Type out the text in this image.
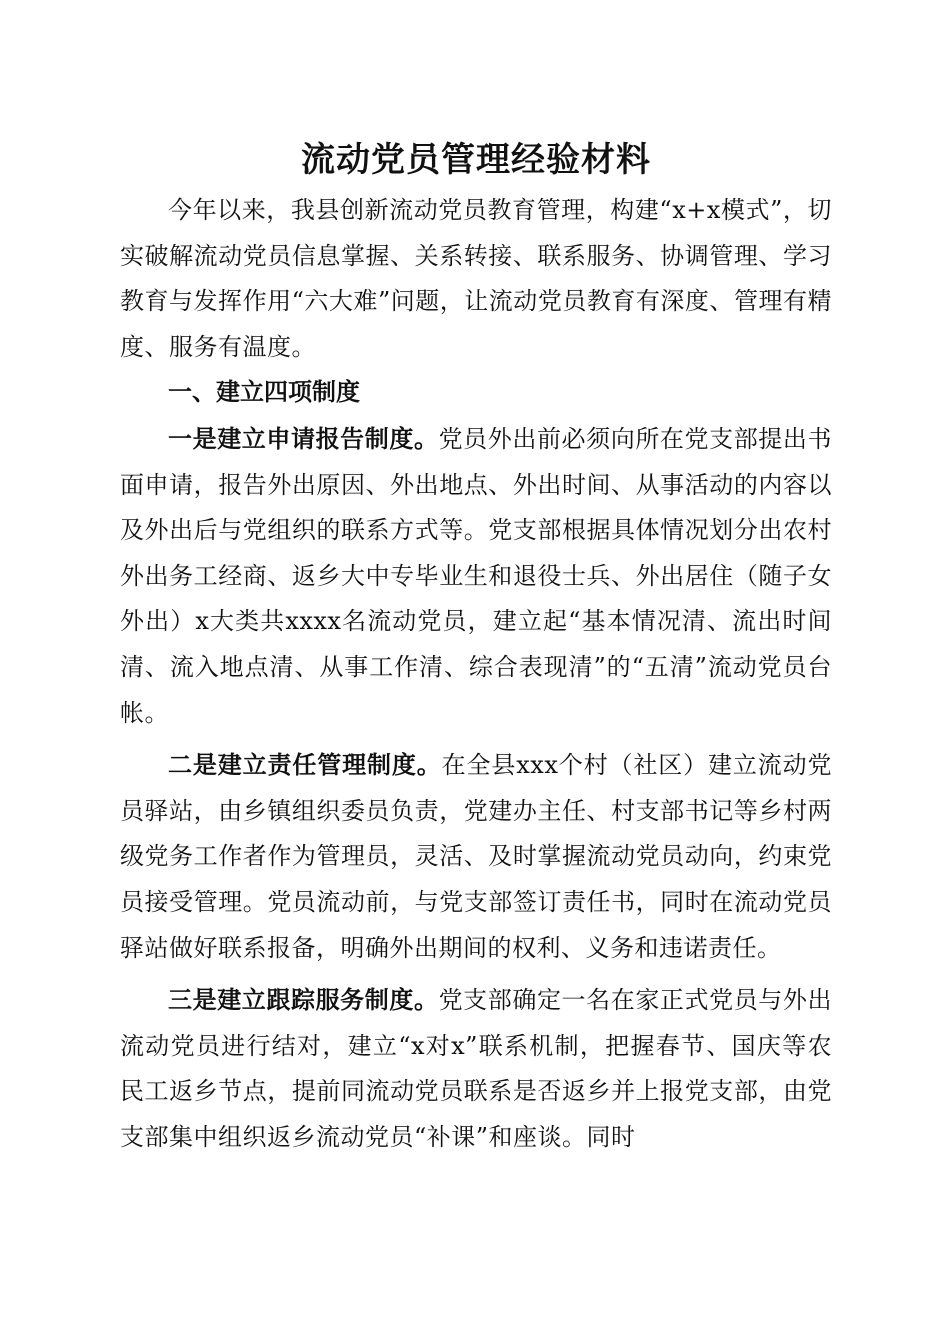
流动党员管理经验材料

今年以来，我县创新流动党员教育管理，构建“x+x模式”，切实破解流动党员信息掌握、关系转接、联系服务、协调管理、学习教育与发挥作用“六大难”问题，让流动党员教育有深度、管理有精度、服务有温度。

一、建立四项制度

一是建立申请报告制度。党员外出前必须向所在党支部提出书面申请，报告外出原因、外出地点、外出时间、从事活动的内容以及外出后与党组织的联系方式等。党支部根据具体情况划分出农村外出务工经商、返乡大中专毕业生和退役士兵、外出居住（随子女外出）x大类共xxxx名流动党员，建立起“基本情况清、流出时间清、流入地点清、从事工作清、综合表现清”的“五清”流动党员台帐。

二是建立责任管理制度。在全县xxx个村（社区）建立流动党员驿站，由乡镇组织委员负责，党建办主任、村支部书记等乡村两级党务工作者作为管理员，灵活、及时掌握流动党员动向，约束党员接受管理。党员流动前，与党支部签订责任书，同时在流动党员驿站做好联系报备，明确外出期间的权利、义务和违诺责任。

三是建立跟踪服务制度。党支部确定一名在家正式党员与外出流动党员进行结对，建立“x对x”联系机制，把握春节、国庆等农民工返乡节点，提前同流动党员联系是否返乡并上报党支部，由党支部集中组织返乡流动党员“补课”和座谈。同时
